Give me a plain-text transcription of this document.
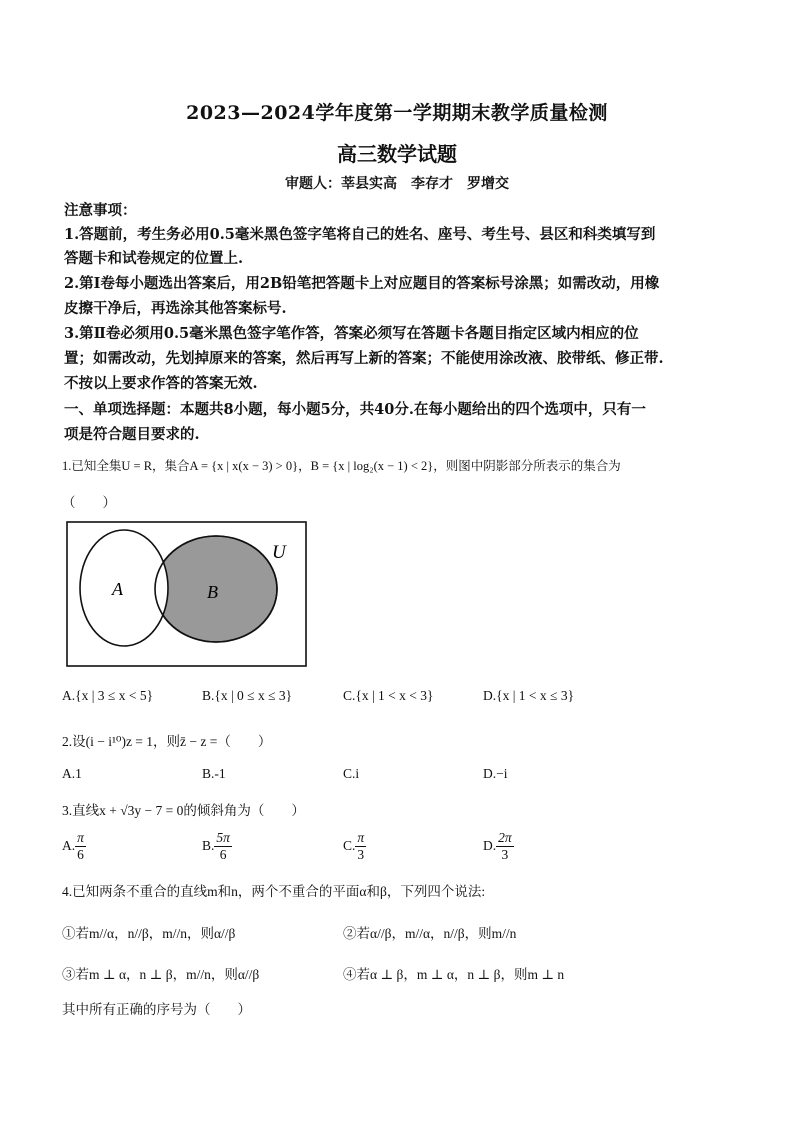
2023—2024学年度第一学期期末教学质量检测
高三数学试题
审题人：莘县实高　李存才　罗增交
注意事项：
1.答题前，考生务必用0.5毫米黑色签字笔将自己的姓名、座号、考生号、县区和科类填写到
答题卡和试卷规定的位置上.
2.第Ⅰ卷每小题选出答案后，用2B铅笔把答题卡上对应题目的答案标号涂黑；如需改动，用橡
皮擦干净后，再选涂其他答案标号.
3.第Ⅱ卷必须用0.5毫米黑色签字笔作答，答案必须写在答题卡各题目指定区域内相应的位
置；如需改动，先划掉原来的答案，然后再写上新的答案；不能使用涂改液、胶带纸、修正带.
不按以上要求作答的答案无效.
一、单项选择题：本题共8小题，每小题5分，共40分.在每小题给出的四个选项中，只有一
项是符合题目要求的.
1.已知全集U = R，集合A = {x | x(x − 3) > 0}，B = {x | log₂(x − 1) < 2}，则图中阴影部分所表示的集合为
（　　）
A	B
U
A.{x | 3 ≤ x < 5}	B.{x | 0 ≤ x ≤ 3}	C.{x | 1 < x < 3}	D.{x | 1 < x ≤ 3}
2.设(i − i¹⁰)z = 1，则z̄ − z =（　　）
A.1	B.-1	C.i	D.−i
3.直线x + √3y − 7 = 0的倾斜角为（　　）
A. $\frac{\pi}{6}$	B. $\frac{5\pi}{6}$	C. $\frac{\pi}{3}$	D. $\frac{2\pi}{3}$
4.已知两条不重合的直线m和n，两个不重合的平面α和β，下列四个说法:
①若m//α，n//β，m//n，则α//β	②若α//β，m//α，n//β，则m//n
③若m ⊥ α，n ⊥ β，m//n，则α//β	④若α ⊥ β，m ⊥ α，n ⊥ β，则m ⊥ n
其中所有正确的序号为（　　）
